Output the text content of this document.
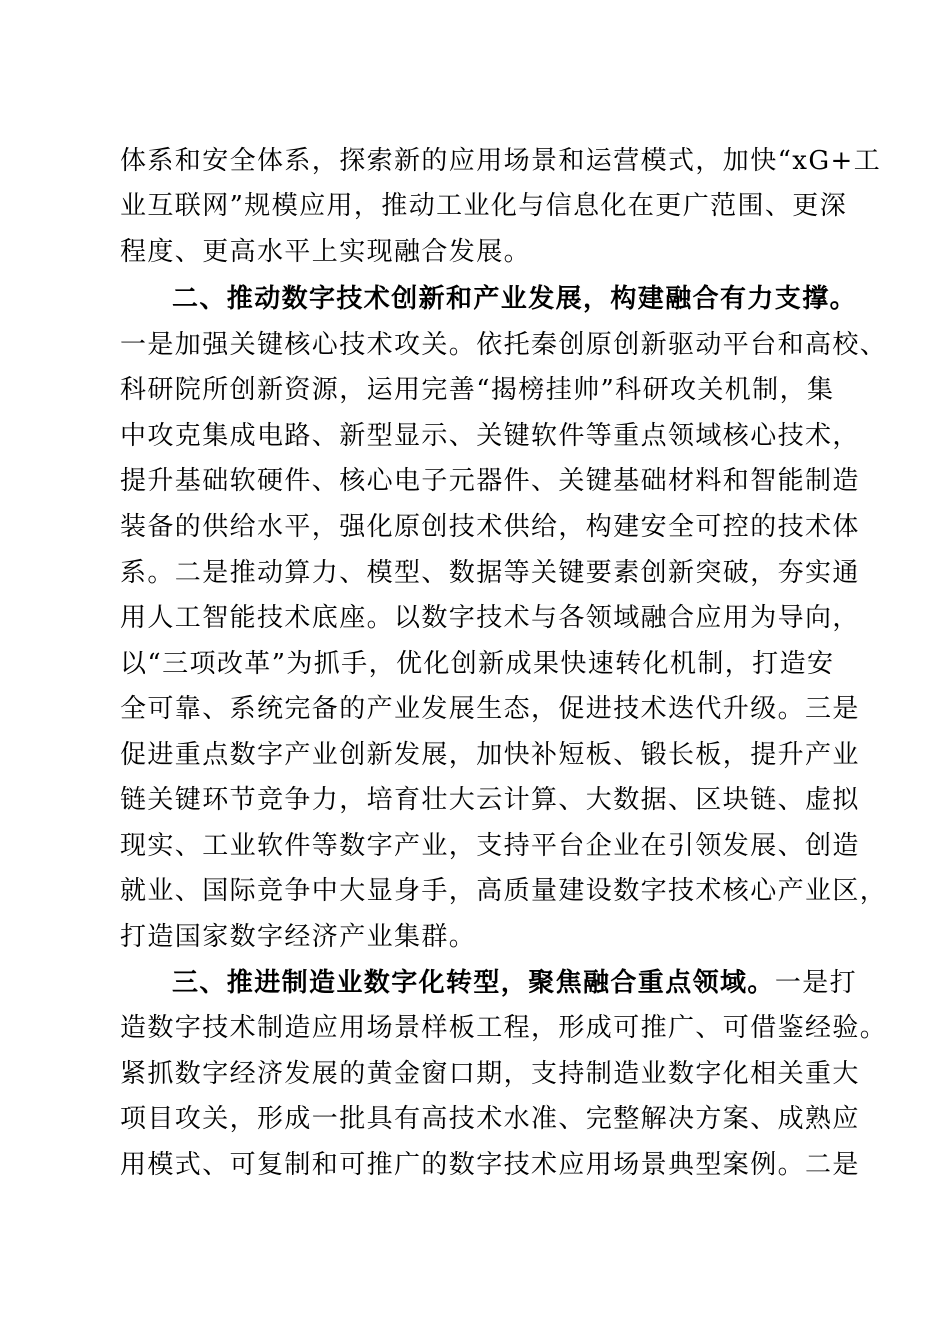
体系和安全体系，探索新的应用场景和运营模式，加快“xG+工
业互联网”规模应用，推动工业化与信息化在更广范围、更深
程度、更高水平上实现融合发展。
二、推动数字技术创新和产业发展，构建融合有力支撑。
一是加强关键核心技术攻关。依托秦创原创新驱动平台和高校、
科研院所创新资源，运用完善“揭榜挂帅”科研攻关机制，集
中攻克集成电路、新型显示、关键软件等重点领域核心技术，
提升基础软硬件、核心电子元器件、关键基础材料和智能制造
装备的供给水平，强化原创技术供给，构建安全可控的技术体
系。二是推动算力、模型、数据等关键要素创新突破，夯实通
用人工智能技术底座。以数字技术与各领域融合应用为导向，
以“三项改革”为抓手，优化创新成果快速转化机制，打造安
全可靠、系统完备的产业发展生态，促进技术迭代升级。三是
促进重点数字产业创新发展，加快补短板、锻长板，提升产业
链关键环节竞争力，培育壮大云计算、大数据、区块链、虚拟
现实、工业软件等数字产业，支持平台企业在引领发展、创造
就业、国际竞争中大显身手，高质量建设数字技术核心产业区，
打造国家数字经济产业集群。
三、推进制造业数字化转型，聚焦融合重点领域。一是打
造数字技术制造应用场景样板工程，形成可推广、可借鉴经验。
紧抓数字经济发展的黄金窗口期，支持制造业数字化相关重大
项目攻关，形成一批具有高技术水准、完整解决方案、成熟应
用模式、可复制和可推广的数字技术应用场景典型案例。二是
